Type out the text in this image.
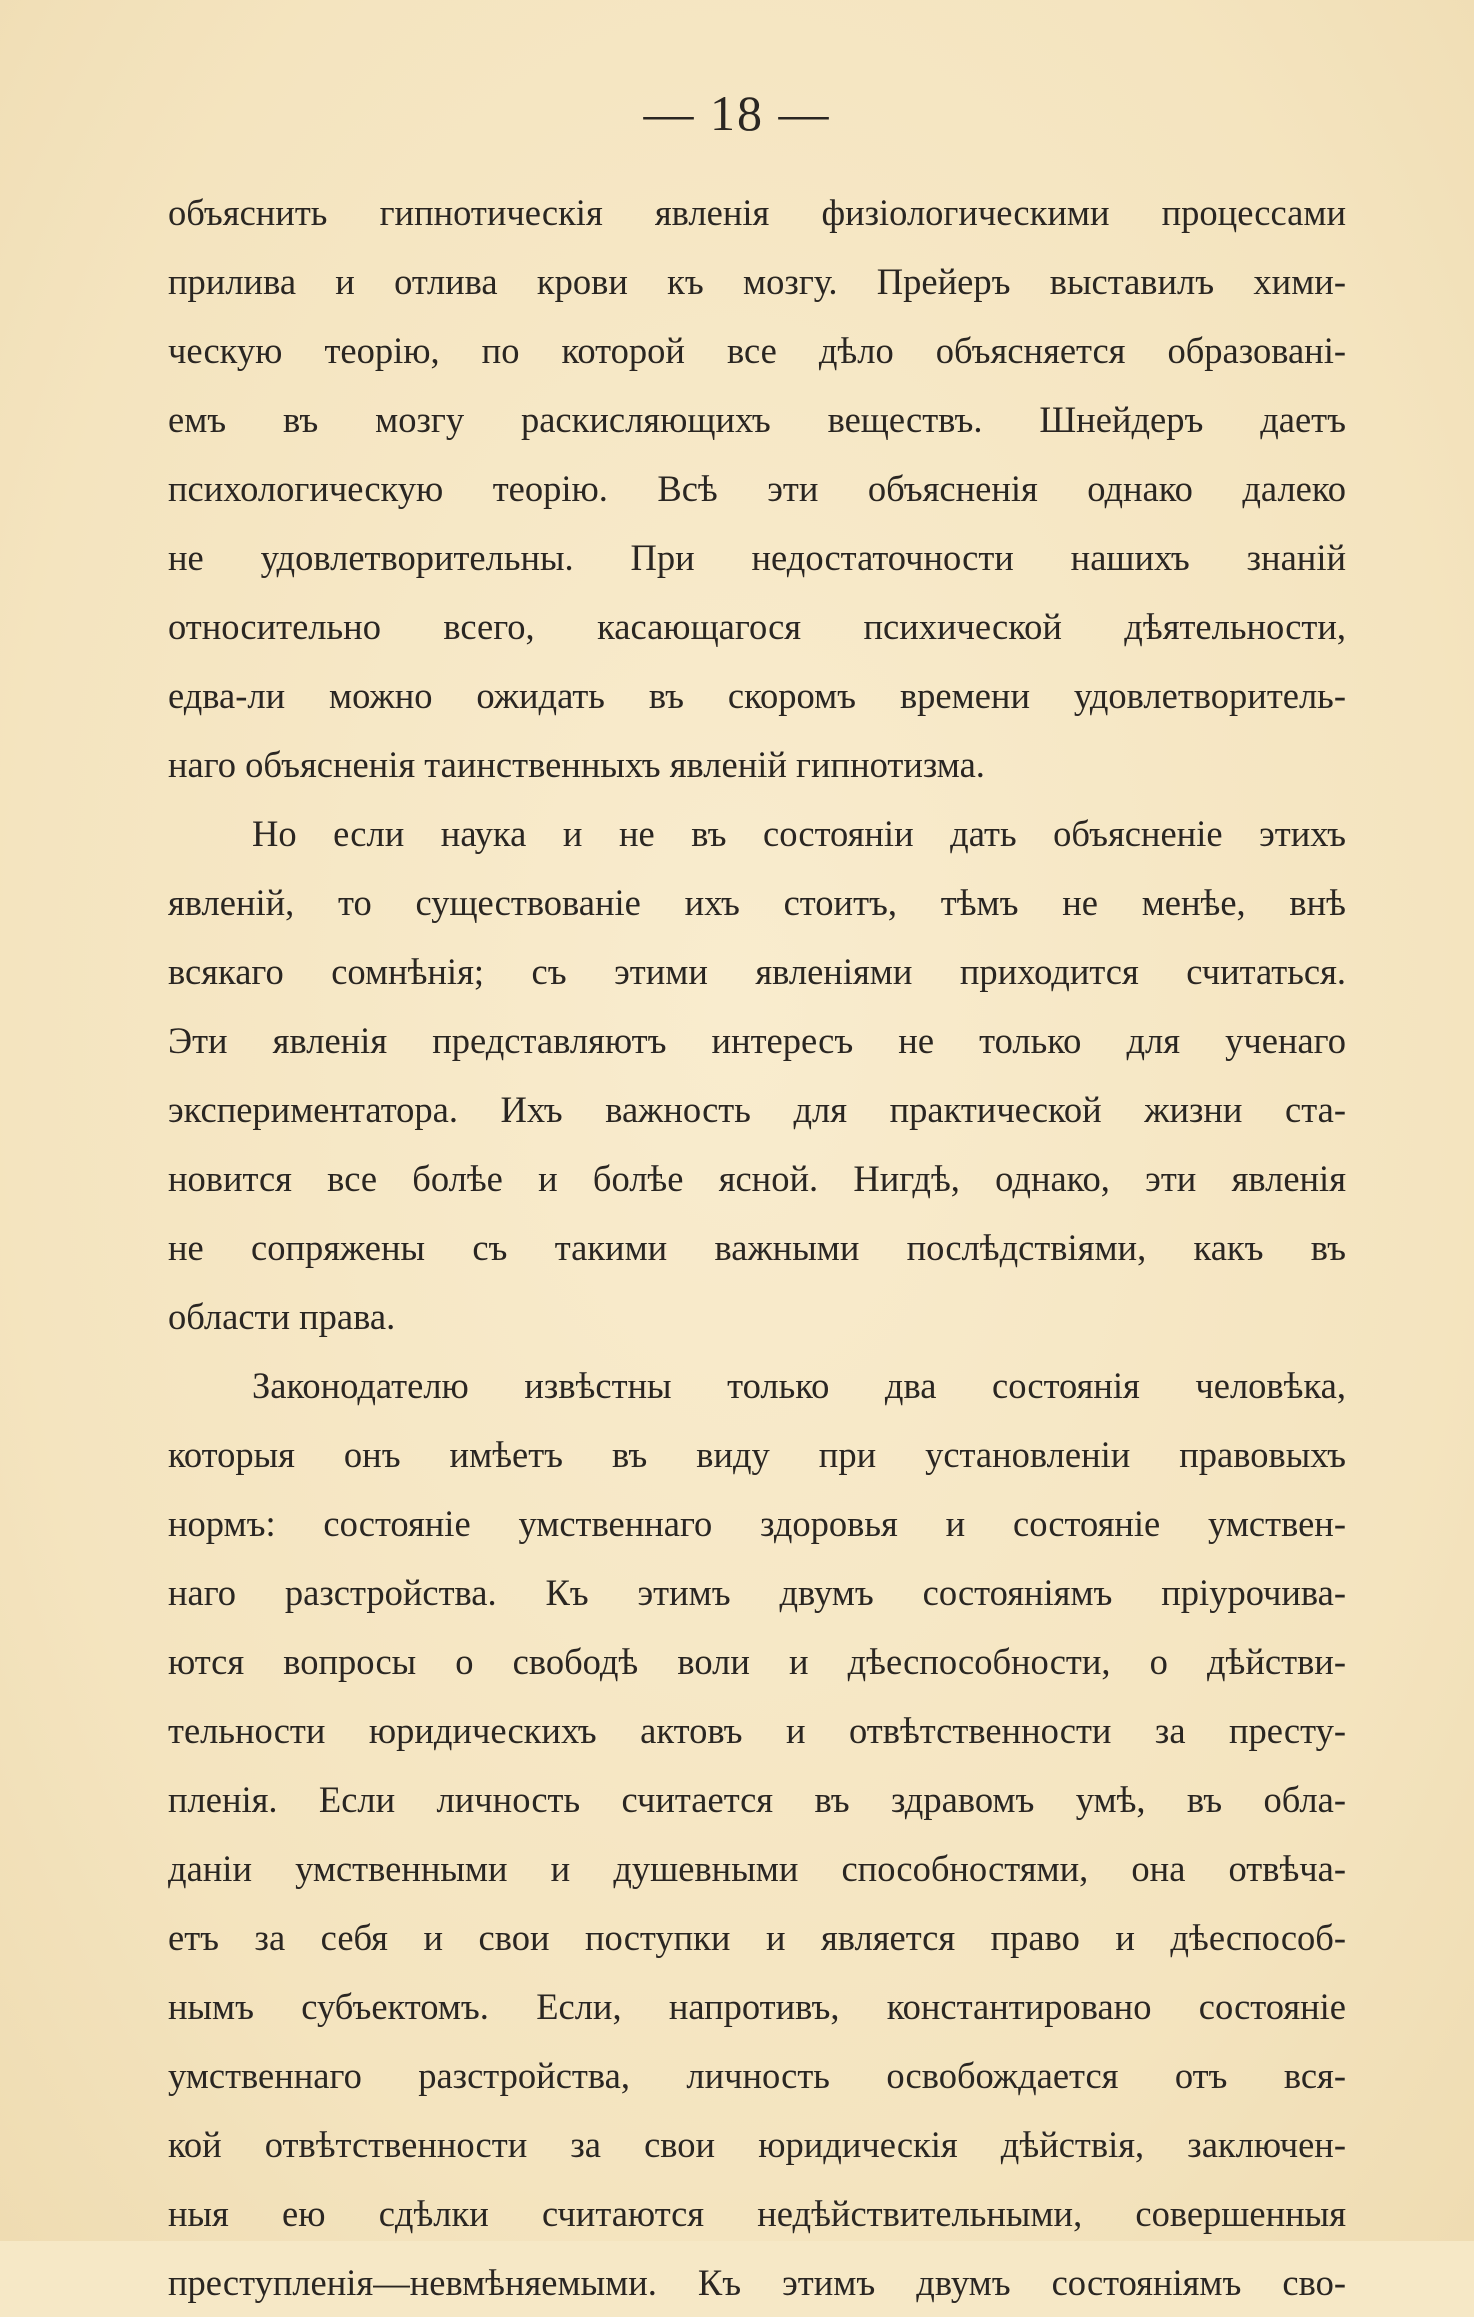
— 18 —
объяснить гипнотическія явленія физіологическими процессами
прилива и отлива крови къ мозгу. Прейеръ выставилъ хими-
ческую теорію, по которой все дѣло объясняется образовані-
емъ въ мозгу раскисляющихъ веществъ. Шнейдеръ даетъ
психологическую теорію. Всѣ эти объясненія однако далеко
не удовлетворительны. При недостаточности нашихъ знаній
относительно всего, касающагося психической дѣятельности,
едва-ли можно ожидать въ скоромъ времени удовлетворитель-
наго объясненія таинственныхъ явленій гипнотизма.
Но если наука и не въ состояніи дать объясненіе этихъ
явленій, то существованіе ихъ стоитъ, тѣмъ не менѣе, внѣ
всякаго сомнѣнія; съ этими явленіями приходится считаться.
Эти явленія представляютъ интересъ не только для ученаго
экспериментатора. Ихъ важность для практической жизни ста-
новится все болѣе и болѣе ясной. Нигдѣ, однако, эти явленія
не сопряжены съ такими важными послѣдствіями, какъ въ
области права.
Законодателю извѣстны только два состоянія человѣка,
которыя онъ имѣетъ въ виду при установленіи правовыхъ
нормъ: состояніе умственнаго здоровья и состояніе умствен-
наго разстройства. Къ этимъ двумъ состояніямъ пріурочива-
ются вопросы о свободѣ воли и дѣеспособности, о дѣйстви-
тельности юридическихъ актовъ и отвѣтственности за престу-
пленія. Если личность считается въ здравомъ умѣ, въ обла-
даніи умственными и душевными способностями, она отвѣча-
етъ за себя и свои поступки и является право и дѣеспособ-
нымъ субъектомъ. Если, напротивъ, константировано состояніе
умственнаго разстройства, личность освобождается отъ вся-
кой отвѣтственности за свои юридическія дѣйствія, заключен-
ныя ею сдѣлки считаются недѣйствительными, совершенныя
преступленія—невмѣняемыми. Къ этимъ двумъ состояніямъ сво-
